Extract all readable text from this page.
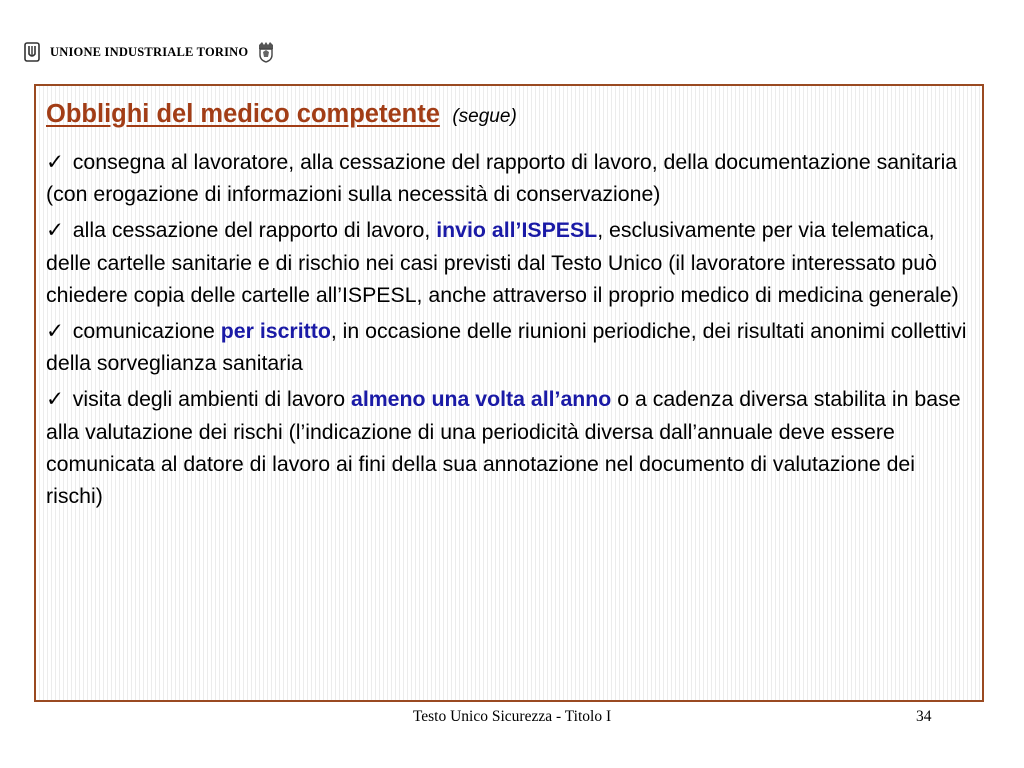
UNIONE INDUSTRIALE TORINO
Obblighi del medico competente (segue)

✓ consegna al lavoratore, alla cessazione del rapporto di lavoro, della documentazione sanitaria (con erogazione di informazioni sulla necessità di conservazione)

✓ alla cessazione del rapporto di lavoro, invio all’ISPESL, esclusivamente per via telematica, delle cartelle sanitarie e di rischio nei casi previsti dal Testo Unico (il lavoratore interessato può chiedere copia delle cartelle all’ISPESL, anche attraverso il proprio medico di medicina generale)

✓ comunicazione per iscritto, in occasione delle riunioni periodiche, dei risultati anonimi collettivi della sorveglianza sanitaria

✓ visita degli ambienti di lavoro almeno una volta all’anno o a cadenza diversa stabilita in base alla valutazione dei rischi (l’indicazione di una periodicità diversa dall’annuale deve essere comunicata al datore di lavoro ai fini della sua annotazione nel documento di valutazione dei rischi)

Testo Unico Sicurezza - Titolo I	34
